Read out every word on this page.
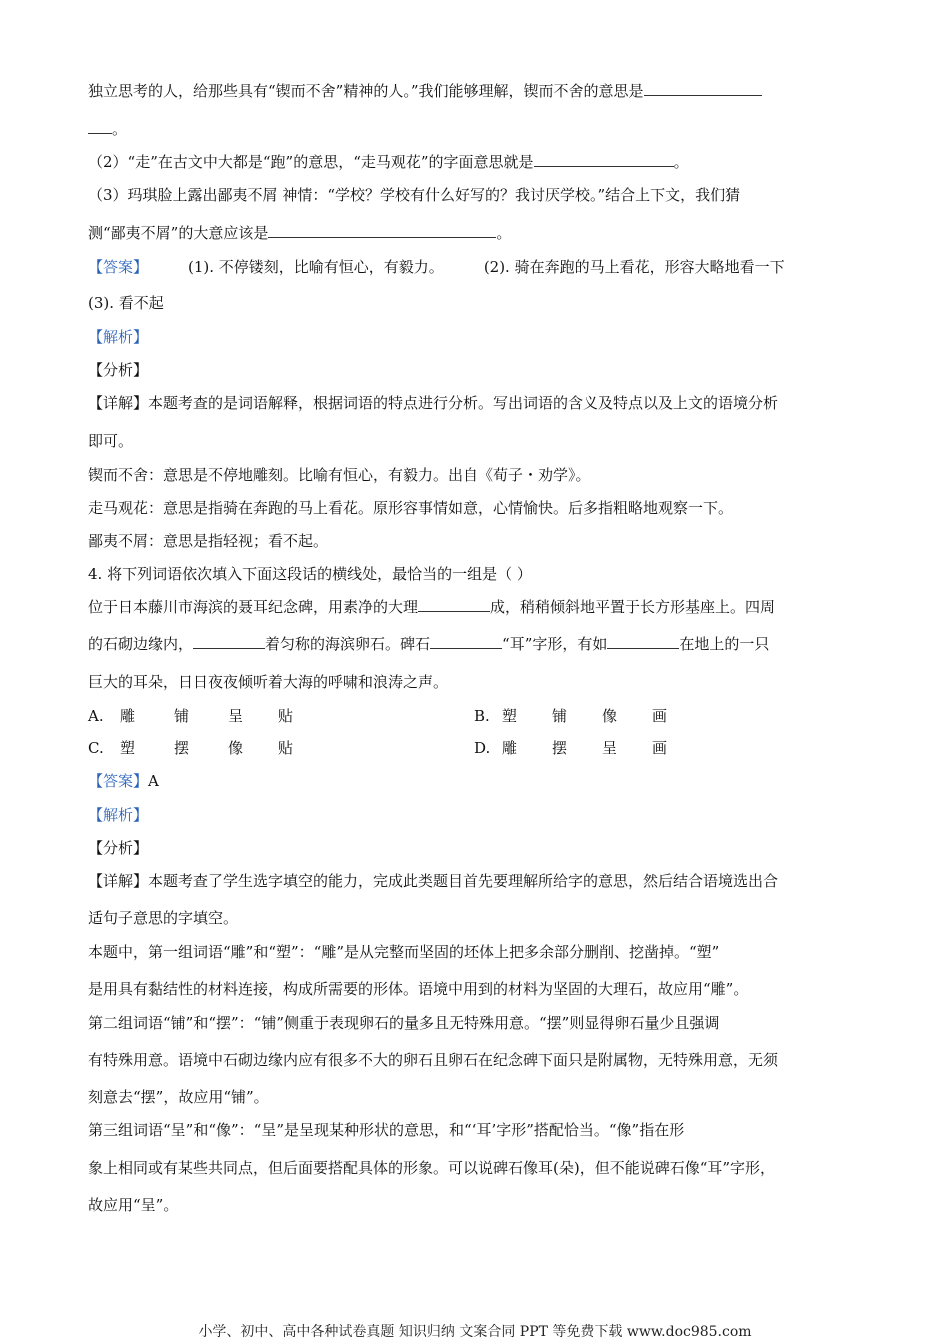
独立思考的人，给那些具有“锲而不舍”精神的人。”我们能够理解，锲而不舍的意思是
。
（2）“走”在古文中大都是“跑”的意思，“走马观花”的字面意思就是	。
（3）玛琪脸上露出鄙夷不屑 神情：“学校？学校有什么好写的？我讨厌学校。”结合上下文，我们猜
测“鄙夷不屑”的大意应该是	。
【答案】	(1). 不停镂刻，比喻有恒心，有毅力。	(2). 骑在奔跑的马上看花，形容大略地看一下
(3). 看不起
【解析】
【分析】
【详解】本题考查的是词语解释，根据词语的特点进行分析。写出词语的含义及特点以及上文的语境分析
即可。
锲而不舍：意思是不停地雕刻。比喻有恒心，有毅力。出自《荀子・劝学》。
走马观花：意思是指骑在奔跑的马上看花。原形容事情如意，心情愉快。后多指粗略地观察一下。
鄙夷不屑：意思是指轻视；看不起。
4. 将下列词语依次填入下面这段话的横线处，最恰当的一组是（ ）
位于日本藤川市海滨的聂耳纪念碑，用素净的大理	成，稍稍倾斜地平置于长方形基座上。四周
的石砌边缘内，	着匀称的海滨卵石。碑石	“耳”字形，有如	在地上的一只
巨大的耳朵，日日夜夜倾听着大海的呼啸和浪涛之声。
A. 雕	铺	呈 贴	B. 塑 铺 像 画
C. 塑	摆	像 贴	D. 雕 摆 呈 画
【答案】A
【解析】
【分析】
【详解】本题考查了学生选字填空的能力，完成此类题目首先要理解所给字的意思，然后结合语境选出合
适句子意思的字填空。
本题中，第一组词语“雕”和“塑”：“雕”是从完整而坚固的坯体上把多余部分删削、挖凿掉。“塑”
是用具有黏结性的材料连接，构成所需要的形体。语境中用到的材料为坚固的大理石，故应用“雕”。
第二组词语“铺”和“摆”：“铺”侧重于表现卵石的量多且无特殊用意。“摆”则显得卵石量少且强调
有特殊用意。语境中石砌边缘内应有很多不大的卵石且卵石在纪念碑下面只是附属物，无特殊用意，无须
刻意去“摆”，故应用“铺”。
第三组词语“呈”和“像”：“呈”是呈现某种形状的意思，和“‘耳’字形”搭配恰当。“像”指在形
象上相同或有某些共同点，但后面要搭配具体的形象。可以说碑石像耳(朵)，但不能说碑石像“耳”字形，
故应用“呈”。
小学、初中、高中各种试卷真题 知识归纳 文案合同 PPT 等免费下载 www.doc985.com
